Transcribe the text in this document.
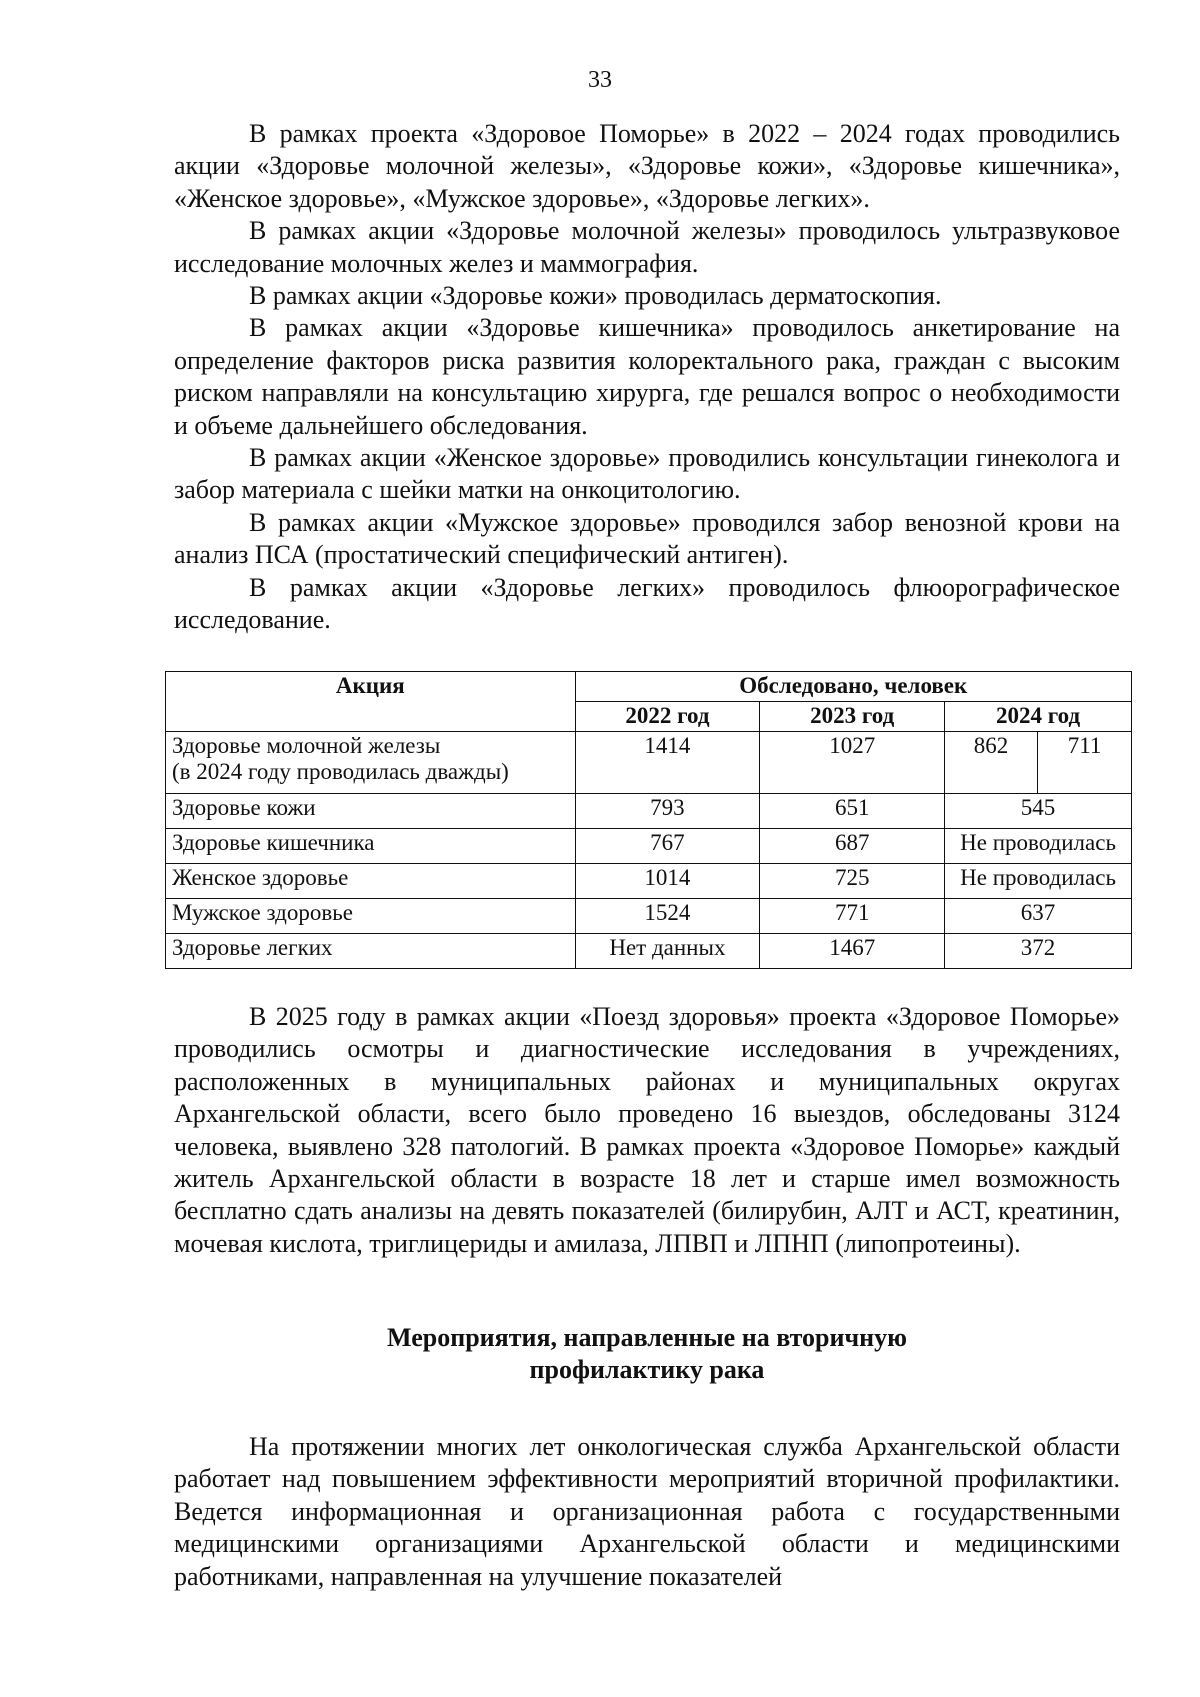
33

В рамках проекта «Здоровое Поморье» в 2022 – 2024 годах проводились акции «Здоровье молочной железы», «Здоровье кожи», «Здоровье кишечника», «Женское здоровье», «Мужское здоровье», «Здоровье легких».

В рамках акции «Здоровье молочной железы» проводилось ультразвуковое исследование молочных желез и маммография.

В рамках акции «Здоровье кожи» проводилась дерматоскопия.

В рамках акции «Здоровье кишечника» проводилось анкетирование на определение факторов риска развития колоректального рака, граждан с высоким риском направляли на консультацию хирурга, где решался вопрос о необходимости и объеме дальнейшего обследования.

В рамках акции «Женское здоровье» проводились консультации гинеколога и забор материала с шейки матки на онкоцитологию.

В рамках акции «Мужское здоровье» проводился забор венозной крови на анализ ПСА (простатический специфический антиген).

В рамках акции «Здоровье легких» проводилось флюорографическое исследование.

Акция	Обследовано, человек			
	2022 год	2023 год	2024 год	

Здоровье молочной железы
(в 2024 году проводилась дважды)	1414	1027	862	711
Здоровье кожи	793	651	545	
Здоровье кишечника	767	687	Не проводилась	
Женское здоровье	1014	725	Не проводилась	
Мужское здоровье	1524	771	637	
Здоровье легких	Нет данных	1467	372	

В 2025 году в рамках акции «Поезд здоровья» проекта «Здоровое Поморье» проводились осмотры и диагностические исследования в учреждениях, расположенных в муниципальных районах и муниципальных округах Архангельской области, всего было проведено 16 выездов, обследованы 3124 человека, выявлено 328 патологий. В рамках проекта «Здоровое Поморье» каждый житель Архангельской области в возрасте 18 лет и старше имел возможность бесплатно сдать анализы на девять показателей (билирубин, АЛТ и АСТ, креатинин, мочевая кислота, триглицериды и амилаза, ЛПВП и ЛПНП (липопротеины).

Мероприятия, направленные на вторичную
профилактику рака

На протяжении многих лет онкологическая служба Архангельской области работает над повышением эффективности мероприятий вторичной профилактики. Ведется информационная и организационная работа с государственными медицинскими организациями Архангельской области и медицинскими работниками, направленная на улучшение показателей
